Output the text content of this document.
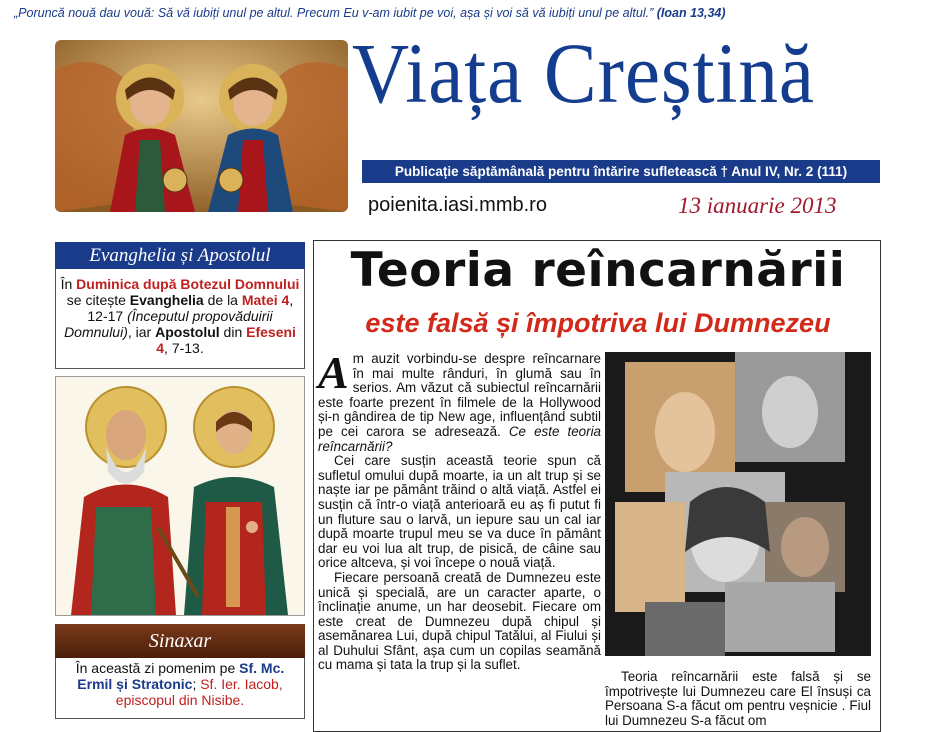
„Poruncă nouă dau vouă: Să vă iubiți unul pe altul. Precum Eu v-am iubit pe voi, așa și voi să vă iubiți unul pe altul.” (Ioan 13,34)
Viața Creștină
Publicație săptămânală pentru întărire sufletească † Anul IV, Nr. 2 (111)
poienita.iasi.mmb.ro	13 ianuarie 2013
Evanghelia și Apostolul
În Duminica după Botezul Domnului se citește Evanghelia de la Matei 4, 12-17 (Începutul propovăduirii Domnului), iar Apostolul din Efeseni 4, 7-13.
Sinaxar
În această zi pomenim pe Sf. Mc. Ermil și Stratonic; Sf. Ier. Iacob, episcopul din Nisibe.
Teoria reîncarnării
este falsă și împotriva lui Dumnezeu

Am auzit vorbindu-se despre reîncarnare în mai multe rânduri, în glumă sau în serios. Am văzut că subiectul reîncarnării este foarte prezent în filmele de la Hollywood și-n gândirea de tip New age, influențând subtil pe cei carora se adresează. Ce este teoria reîncarnării?

Cei care susțin această teorie spun că sufletul omului după moarte, ia un alt trup și se naște iar pe pământ trăind o altă viață. Astfel ei susțin că într-o viață anterioară eu aș fi putut fi un fluture sau o larvă, un iepure sau un cal iar după moarte trupul meu se va duce în pământ dar eu voi lua alt trup, de pisică, de câine sau orice altceva, și voi începe o nouă viață.

Fiecare persoană creată de Dumnezeu este unică și specială, are un caracter aparte, o înclinație anume, un har deosebit. Fiecare om este creat de Dumnezeu după chipul și asemănarea Lui, după chipul Tatălui, al Fiului și al Duhului Sfânt, așa cum un copilas seamănă cu mama și tata la trup și la suflet.

Teoria reîncarnării este falsă și se împotrivește lui Dumnezeu care El însuși ca Persoana S-a făcut om pentru veșnicie . Fiul lui Dumnezeu S-a făcut om
